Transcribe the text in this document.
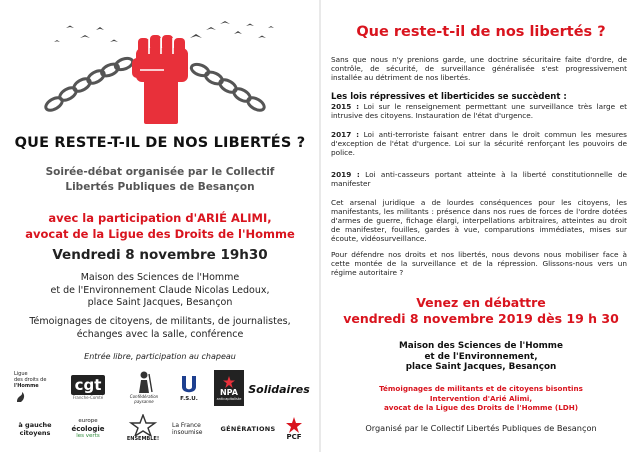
QUE RESTE-T-IL DE NOS LIBERTÉS ?
Soirée-débat organisée par le Collectif
Libertés Publiques de Besançon
avec la participation d'ARIÉ ALIMI,
avocat de la Ligue des Droits de l'Homme
Vendredi 8 novembre 19h30
Maison des Sciences de l'Homme
et de l'Environnement Claude Nicolas Ledoux,
place Saint Jacques, Besançon
Témoignages de citoyens, de militants, de journalistes,
échanges avec la salle, conférence
Entrée libre, participation au chapeau
Ligue
des droits de
l'Homme cgt
Franche-Comté	Confédération paysanne	F.S.U.
NPA
anticapitaliste
Solidaires
à gauche
citoyens
europe
écologie
les verts	ENSEMBLE!
La France
insoumise	GÉNÉRATIONS
PCF
Que reste-t-il de nos libertés ?
Sans que nous n'y prenions garde, une doctrine sécuritaire faite d'ordre, de contrôle, de sécurité, de surveillance généralisée s'est progressivement installée au détriment de nos libertés.
Les lois répressives et liberticides se succèdent :
2015 : Loi sur le renseignement permettant une surveillance très large et intrusive des citoyens. Instauration de l'état d'urgence.
2017 : Loi anti-terroriste faisant entrer dans le droit commun les mesures d'exception de l'état d'urgence. Loi sur la sécurité renforçant les pouvoirs de police.
2019 : Loi anti-casseurs portant atteinte à la liberté constitutionnelle de manifester
Cet arsenal juridique a de lourdes conséquences pour les citoyens, les manifestants, les militants : présence dans nos rues de forces de l'ordre dotées d'armes de guerre, fichage élargi, interpellations arbitraires, atteintes au droit de manifester, fouilles, gardes à vue, comparutions immédiates, mises sur écoute, vidéosurveillance.
Pour défendre nos droits et nos libertés, nous devons nous mobiliser face à cette montée de la surveillance et de la répression. Glissons-nous vers un régime autoritaire ?
Venez en débattre
vendredi 8 novembre 2019 dès 19 h 30
Maison des Sciences de l'Homme
et de l'Environnement,
place Saint Jacques, Besançon
Témoignages de militants et de citoyens bisontins
Intervention d'Arié Alimi,
avocat de la Ligue des Droits de l'Homme (LDH)
Organisé par le Collectif Libertés Publiques de Besançon
